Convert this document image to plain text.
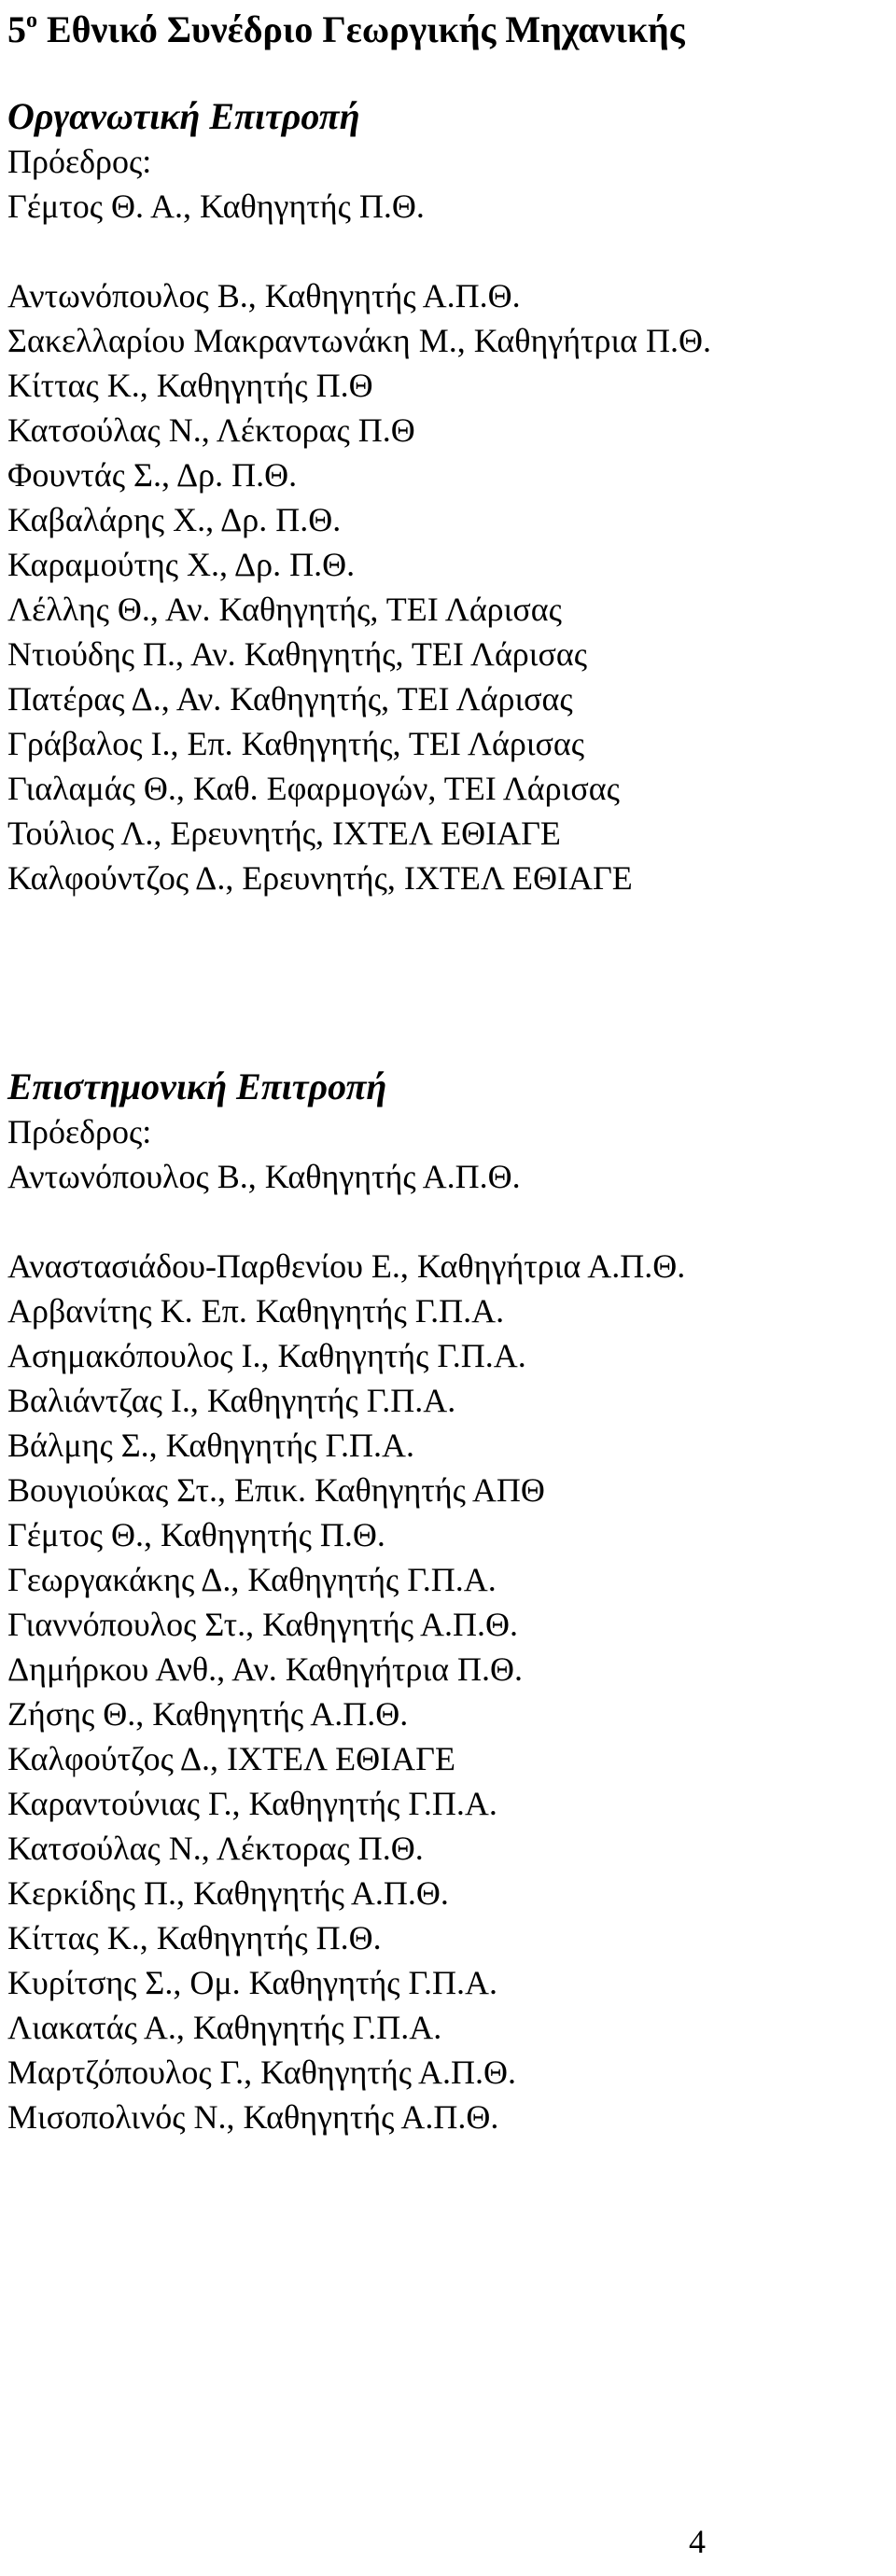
$5^o$ Εθνικό Συνέδριο Γεωργικής Μηχανικής
Οργανωτική Επιτροπή
Πρόεδρος:
Γέμτος Θ. Α., Καθηγητής Π.Θ.
Αντωνόπουλος Β., Καθηγητής Α.Π.Θ.
Σακελλαρίου Μακραντωνάκη Μ., Καθηγήτρια Π.Θ.
Κίττας Κ., Καθηγητής Π.Θ
Κατσούλας Ν., Λέκτορας Π.Θ
Φουντάς Σ., Δρ. Π.Θ.
Καβαλάρης Χ., Δρ. Π.Θ.
Καραμούτης Χ., Δρ. Π.Θ.
Λέλλης Θ., Αν. Καθηγητής, ΤΕΙ Λάρισας
Ντιούδης Π., Αν. Καθηγητής, ΤΕΙ Λάρισας
Πατέρας Δ., Αν. Καθηγητής, ΤΕΙ Λάρισας
Γράβαλος Ι., Επ. Καθηγητής, ΤΕΙ Λάρισας
Γιαλαμάς Θ., Καθ. Εφαρμογών, ΤΕΙ Λάρισας
Τούλιος Λ., Ερευνητής, ΙΧΤΕΛ ΕΘΙΑΓΕ
Καλφούντζος Δ., Ερευνητής, ΙΧΤΕΛ ΕΘΙΑΓΕ
Επιστημονική Επιτροπή
Πρόεδρος:
Αντωνόπουλος Β., Καθηγητής Α.Π.Θ.
Αναστασιάδου-Παρθενίου Ε., Καθηγήτρια Α.Π.Θ.
Αρβανίτης Κ. Επ. Καθηγητής Γ.Π.Α.
Ασημακόπουλος Ι., Καθηγητής Γ.Π.Α.
Βαλιάντζας Ι., Καθηγητής Γ.Π.Α.
Βάλμης Σ., Καθηγητής Γ.Π.Α.
Βουγιούκας Στ., Επικ. Καθηγητής ΑΠΘ
Γέμτος Θ., Καθηγητής Π.Θ.
Γεωργακάκης Δ., Καθηγητής Γ.Π.Α.
Γιαννόπουλος Στ., Καθηγητής Α.Π.Θ.
Δημήρκου Ανθ., Αν. Καθηγήτρια Π.Θ.
Ζήσης Θ., Καθηγητής Α.Π.Θ.
Καλφούτζος Δ., ΙΧΤΕΛ ΕΘΙΑΓΕ
Καραντούνιας Γ., Καθηγητής Γ.Π.Α.
Κατσούλας Ν., Λέκτορας Π.Θ.
Κερκίδης Π., Καθηγητής Α.Π.Θ.
Κίττας Κ., Καθηγητής Π.Θ.
Κυρίτσης Σ., Ομ. Καθηγητής Γ.Π.Α.
Λιακατάς Α., Καθηγητής Γ.Π.Α.
Μαρτζόπουλος Γ., Καθηγητής Α.Π.Θ.
Μισοπολινός Ν., Καθηγητής Α.Π.Θ.
4
